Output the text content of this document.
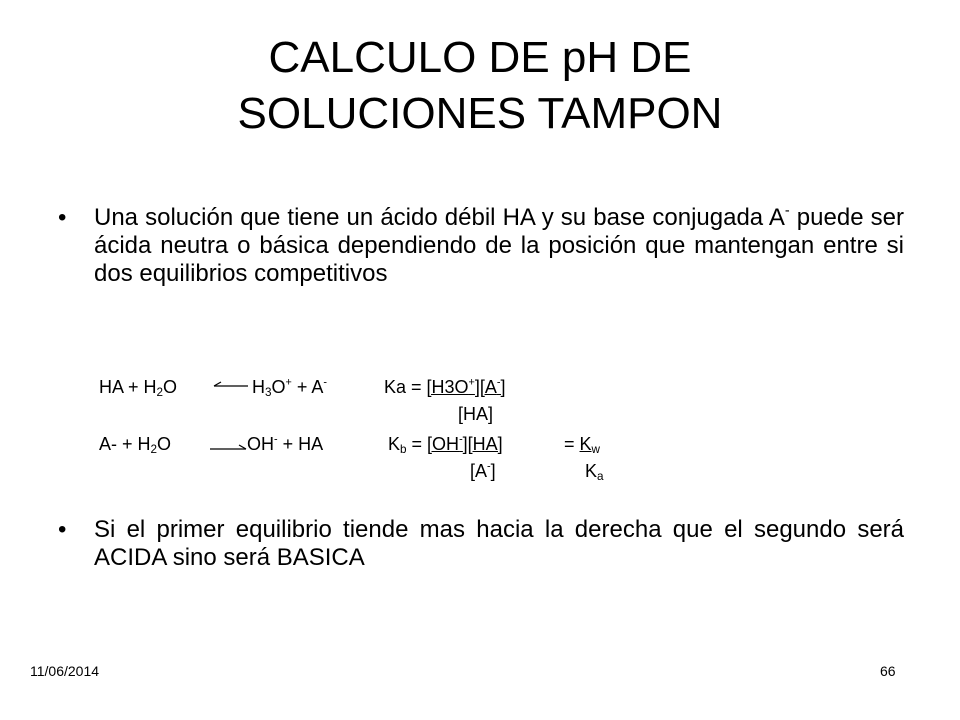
CALCULO DE pH DE
SOLUCIONES TAMPON
• Una solución que tiene un ácido débil HA y su base conjugada A- puede ser ácida neutra o básica dependiendo de la posición que mantengan entre si dos equilibrios competitivos
HA + $H_2O$	$H_3O^+ + A^-$	Ka = [H3O+][A-]
[HA]
$A- + H_2O \to OH^-$ + HA	$K_b = [OH^-][HA]$	= $K_w$
[A-]	$K_a$
• Si el primer equilibrio tiende mas hacia la derecha que el segundo será ACIDA sino será BASICA
11/06/2014	66
